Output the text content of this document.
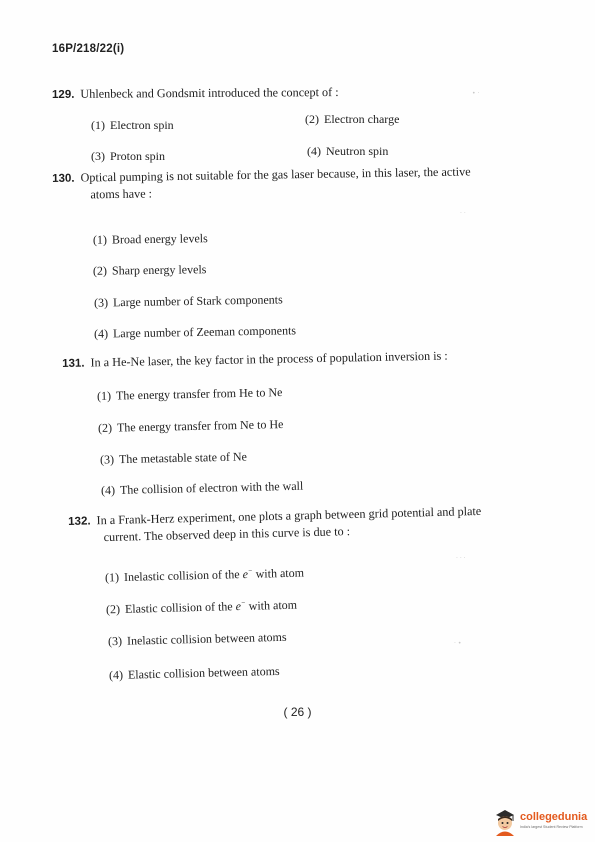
16P/218/22(i)
129. Uhlenbeck and Gondsmit introduced the concept of :
(1) Electron spin	(2) Electron charge
(3) Proton spin	(4) Neutron spin
130. Optical pumping is not suitable for the gas laser because, in this laser, the active
atoms have :
(1) Broad energy levels
(2) Sharp energy levels
(3) Large number of Stark components
(4) Large number of Zeeman components
131. In a He-Ne laser, the key factor in the process of population inversion is :
(1) The energy transfer from He to Ne
(2) The energy transfer from Ne to He
(3) The metastable state of Ne
(4) The collision of electron with the wall
132. In a Frank-Herz experiment, one plots a graph between grid potential and plate
current. The observed deep in this curve is due to :
(1) Inelastic collision of the e− with atom
(2) Elastic collision of the e− with atom
(3) Inelastic collision between atoms
(4) Elastic collision between atoms
• ·
· ·
· · ·
· •
( 26 )
collegedunia
India's largest Student Review Platform
